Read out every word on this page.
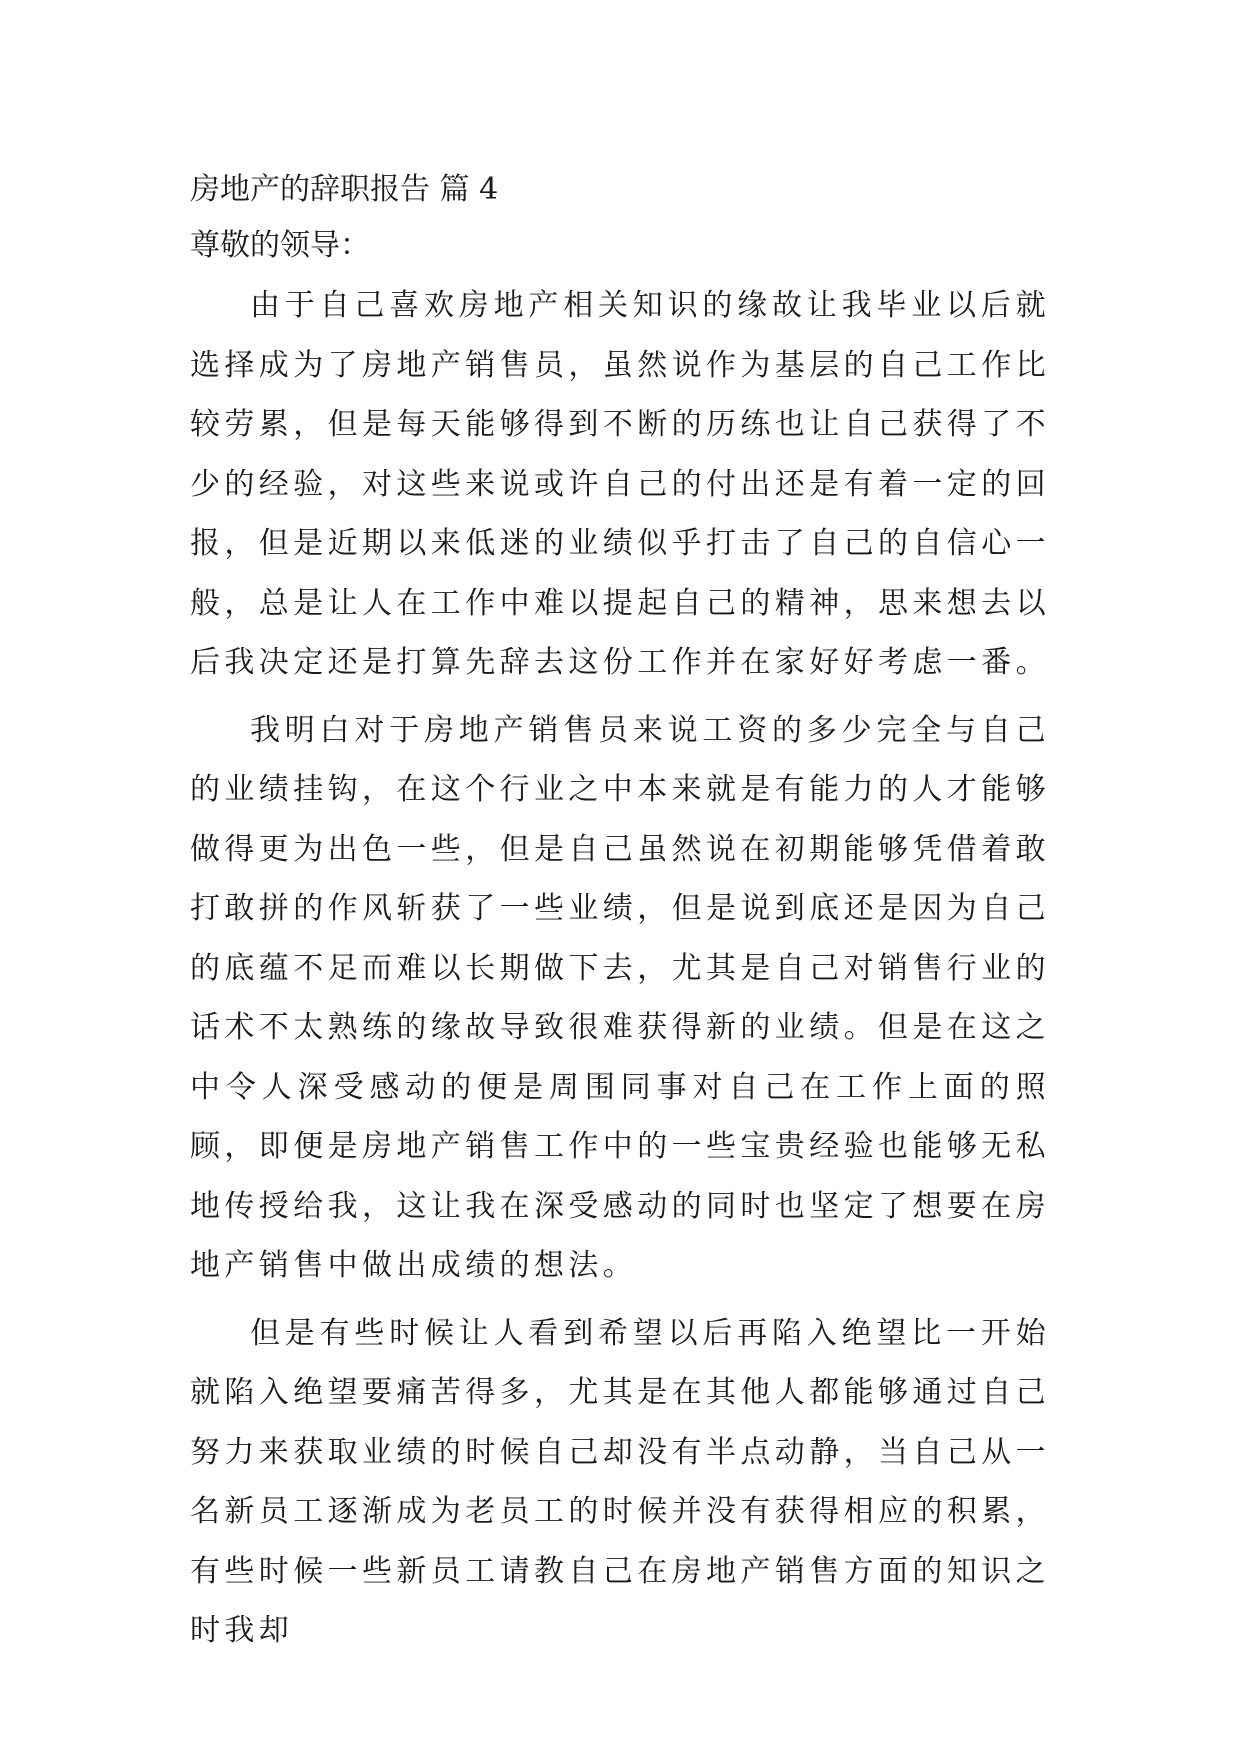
房地产的辞职报告 篇 4

尊敬的领导：

由于自己喜欢房地产相关知识的缘故让我毕业以后就选择成为了房地产销售员，虽然说作为基层的自己工作比较劳累，但是每天能够得到不断的历练也让自己获得了不少的经验，对这些来说或许自己的付出还是有着一定的回报，但是近期以来低迷的业绩似乎打击了自己的自信心一般，总是让人在工作中难以提起自己的精神，思来想去以后我决定还是打算先辞去这份工作并在家好好考虑一番。

我明白对于房地产销售员来说工资的多少完全与自己的业绩挂钩，在这个行业之中本来就是有能力的人才能够做得更为出色一些，但是自己虽然说在初期能够凭借着敢打敢拼的作风斩获了一些业绩，但是说到底还是因为自己的底蕴不足而难以长期做下去，尤其是自己对销售行业的话术不太熟练的缘故导致很难获得新的业绩。但是在这之中令人深受感动的便是周围同事对自己在工作上面的照顾，即便是房地产销售工作中的一些宝贵经验也能够无私地传授给我，这让我在深受感动的同时也坚定了想要在房地产销售中做出成绩的想法。

但是有些时候让人看到希望以后再陷入绝望比一开始就陷入绝望要痛苦得多，尤其是在其他人都能够通过自己努力来获取业绩的时候自己却没有半点动静，当自己从一名新员工逐渐成为老员工的时候并没有获得相应的积累，有些时候一些新员工请教自己在房地产销售方面的知识之时我却
